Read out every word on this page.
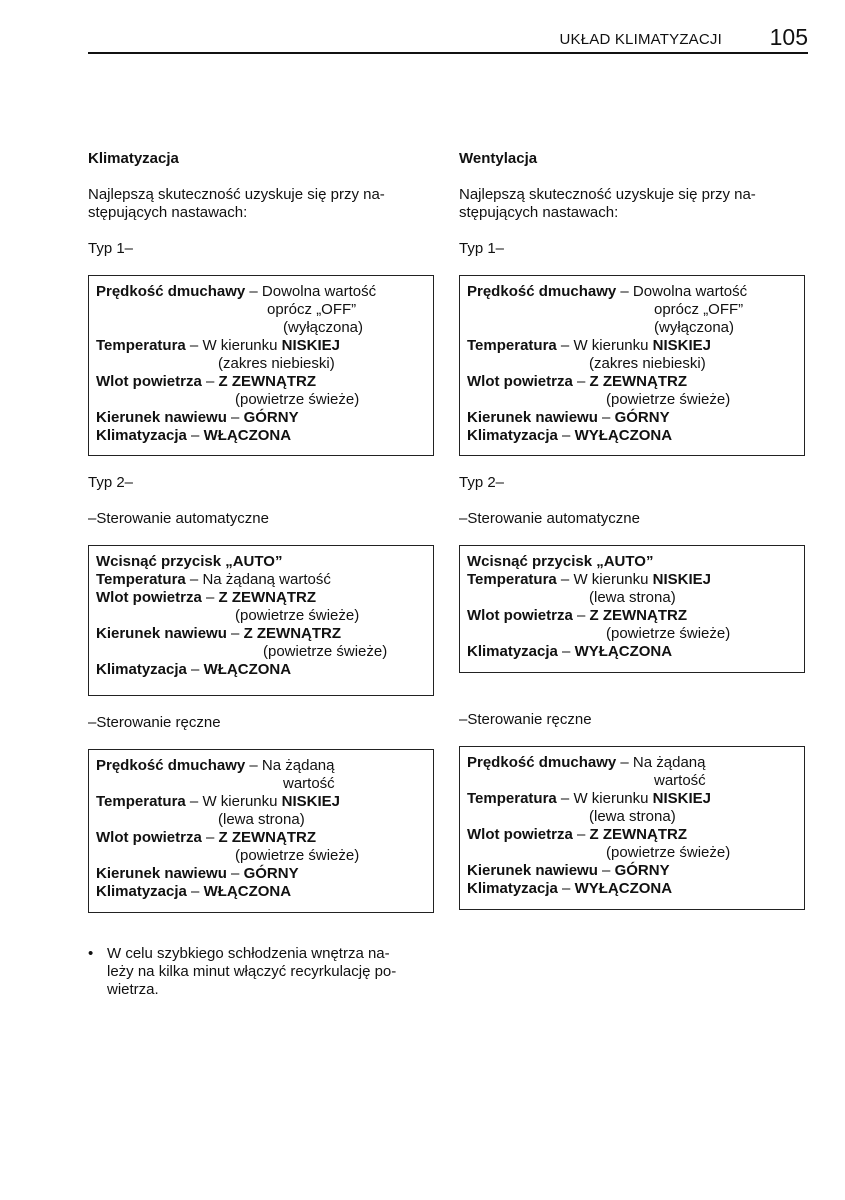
UKŁAD KLIMATYZACJI 105
Klimatyzacja

Najlepszą skuteczność uzyskuje się przy na-
stępujących nastawach:

Typ 1–
Prędkość dmuchawy – Dowolna wartość
oprócz „OFF”
(wyłączona)
Temperatura – W kierunku NISKIEJ
(zakres niebieski)
Wlot powietrza – Z ZEWNĄTRZ
(powietrze świeże)
Kierunek nawiewu – GÓRNY
Klimatyzacja – WŁĄCZONA
Typ 2–
–Sterowanie automatyczne
Wcisnąć przycisk „AUTO”
Temperatura – Na żądaną wartość
Wlot powietrza – Z ZEWNĄTRZ
(powietrze świeże)
Kierunek nawiewu – Z ZEWNĄTRZ
(powietrze świeże)
Klimatyzacja – WŁĄCZONA
–Sterowanie ręczne
Prędkość dmuchawy – Na żądaną
wartość
Temperatura – W kierunku NISKIEJ
(lewa strona)
Wlot powietrza – Z ZEWNĄTRZ
(powietrze świeże)
Kierunek nawiewu – GÓRNY
Klimatyzacja – WŁĄCZONA
• W celu szybkiego schłodzenia wnętrza na-
leży na kilka minut włączyć recyrkulację po-
wietrza.
Wentylacja

Najlepszą skuteczność uzyskuje się przy na-
stępujących nastawach:

Typ 1–
Prędkość dmuchawy – Dowolna wartość
oprócz „OFF”
(wyłączona)
Temperatura – W kierunku NISKIEJ
(zakres niebieski)
Wlot powietrza – Z ZEWNĄTRZ
(powietrze świeże)
Kierunek nawiewu – GÓRNY
Klimatyzacja – WYŁĄCZONA
Typ 2–
–Sterowanie automatyczne
Wcisnąć przycisk „AUTO”
Temperatura – W kierunku NISKIEJ
(lewa strona)
Wlot powietrza – Z ZEWNĄTRZ
(powietrze świeże)
Klimatyzacja – WYŁĄCZONA
–Sterowanie ręczne
Prędkość dmuchawy – Na żądaną
wartość
Temperatura – W kierunku NISKIEJ
(lewa strona)
Wlot powietrza – Z ZEWNĄTRZ
(powietrze świeże)
Kierunek nawiewu – GÓRNY
Klimatyzacja – WYŁĄCZONA
